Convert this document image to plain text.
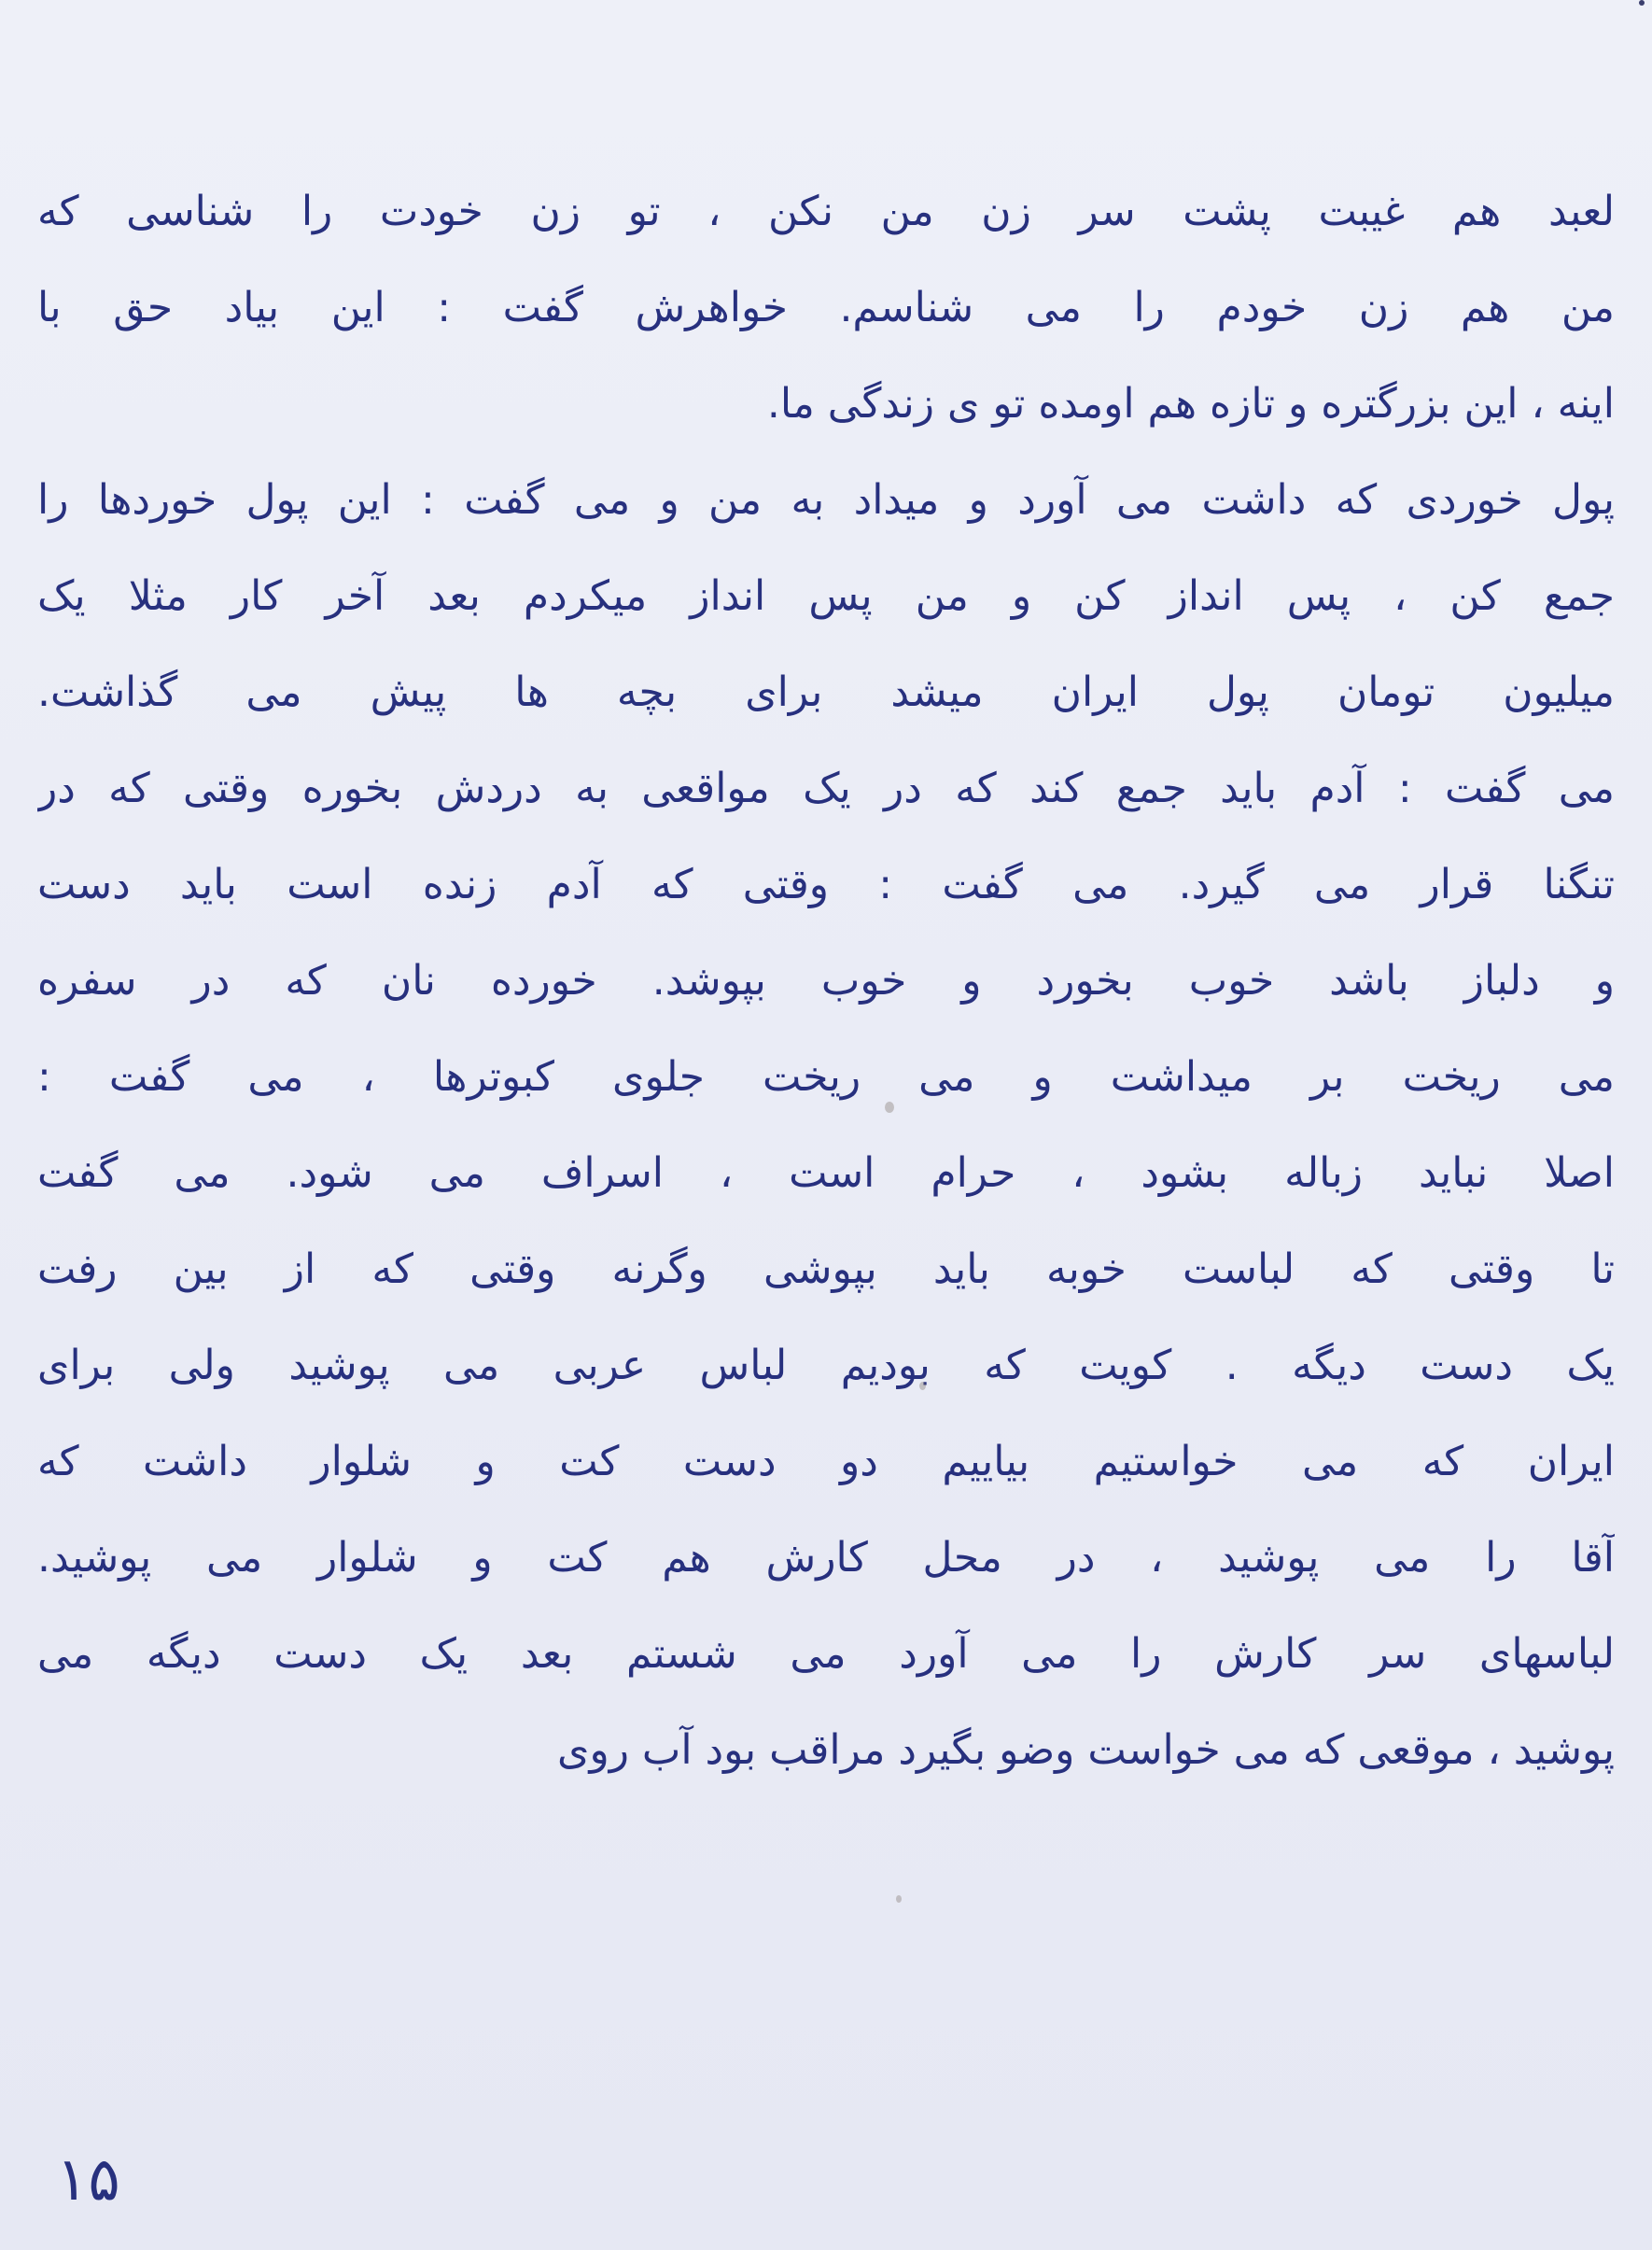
لعبد هم غیبت پشت سر زن من نکن ، تو زن خودت را شناسی که
من هم زن خودم را می شناسم. خواهرش گفت : این بیاد حق با
اینه ، این بزرگتره و تازه هم اومده تو ی زندگی ما.
پول خوردی که داشت می آورد و میداد به من و می گفت : این پول خوردها را
جمع کن ، پس انداز کن و من پس انداز میکردم بعد آخر کار مثلا یک
میلیون تومان پول ایران میشد برای بچه ها پیش می گذاشت.
می گفت : آدم باید جمع کند که در یک مواقعی به دردش بخوره وقتی که در
تنگنا قرار می گیرد. می گفت : وقتی که آدم زنده است باید دست
و دلباز باشد خوب بخورد و خوب بپوشد. خورده نان که در سفره
می ریخت بر میداشت و می ریخت جلوی کبوترها ، می گفت :
اصلا نباید زباله بشود ، حرام است ، اسراف می شود. می گفت
تا وقتی که لباست خوبه باید بپوشی وگرنه وقتی که از بین رفت
یک دست دیگه . کویت که بودیم لباس عربی می پوشید ولی برای
ایران که می خواستیم بیاییم دو دست کت و شلوار داشت که
آقا را می پوشید ، در محل کارش هم کت و شلوار می پوشید.
لباسهای سر کارش را می آورد می شستم بعد یک دست دیگه می
پوشید ، موقعی که می خواست وضو بگیرد مراقب بود آب روی
۱۵
